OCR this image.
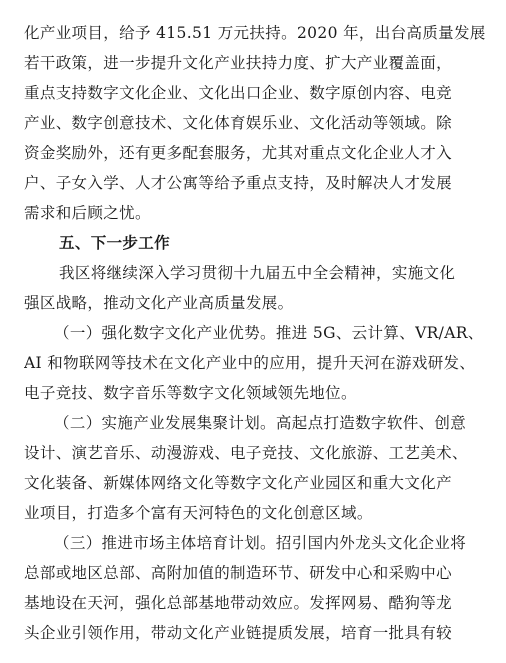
化产业项目，给予 415.51 万元扶持。2020 年，出台高质量发展
若干政策，进一步提升文化产业扶持力度、扩大产业覆盖面，
重点支持数字文化企业、文化出口企业、数字原创内容、电竞
产业、数字创意技术、文化体育娱乐业、文化活动等领域。除
资金奖励外，还有更多配套服务，尤其对重点文化企业人才入
户、子女入学、人才公寓等给予重点支持，及时解决人才发展
需求和后顾之忧。
五、下一步工作
我区将继续深入学习贯彻十九届五中全会精神，实施文化
强区战略，推动文化产业高质量发展。
（一）强化数字文化产业优势。推进 5G、云计算、VR/AR、
AI 和物联网等技术在文化产业中的应用，提升天河在游戏研发、
电子竞技、数字音乐等数字文化领域领先地位。
（二）实施产业发展集聚计划。高起点打造数字软件、创意
设计、演艺音乐、动漫游戏、电子竞技、文化旅游、工艺美术、
文化装备、新媒体网络文化等数字文化产业园区和重大文化产
业项目，打造多个富有天河特色的文化创意区域。
（三）推进市场主体培育计划。招引国内外龙头文化企业将
总部或地区总部、高附加值的制造环节、研发中心和采购中心
基地设在天河，强化总部基地带动效应。发挥网易、酷狗等龙
头企业引领作用，带动文化产业链提质发展，培育一批具有较
